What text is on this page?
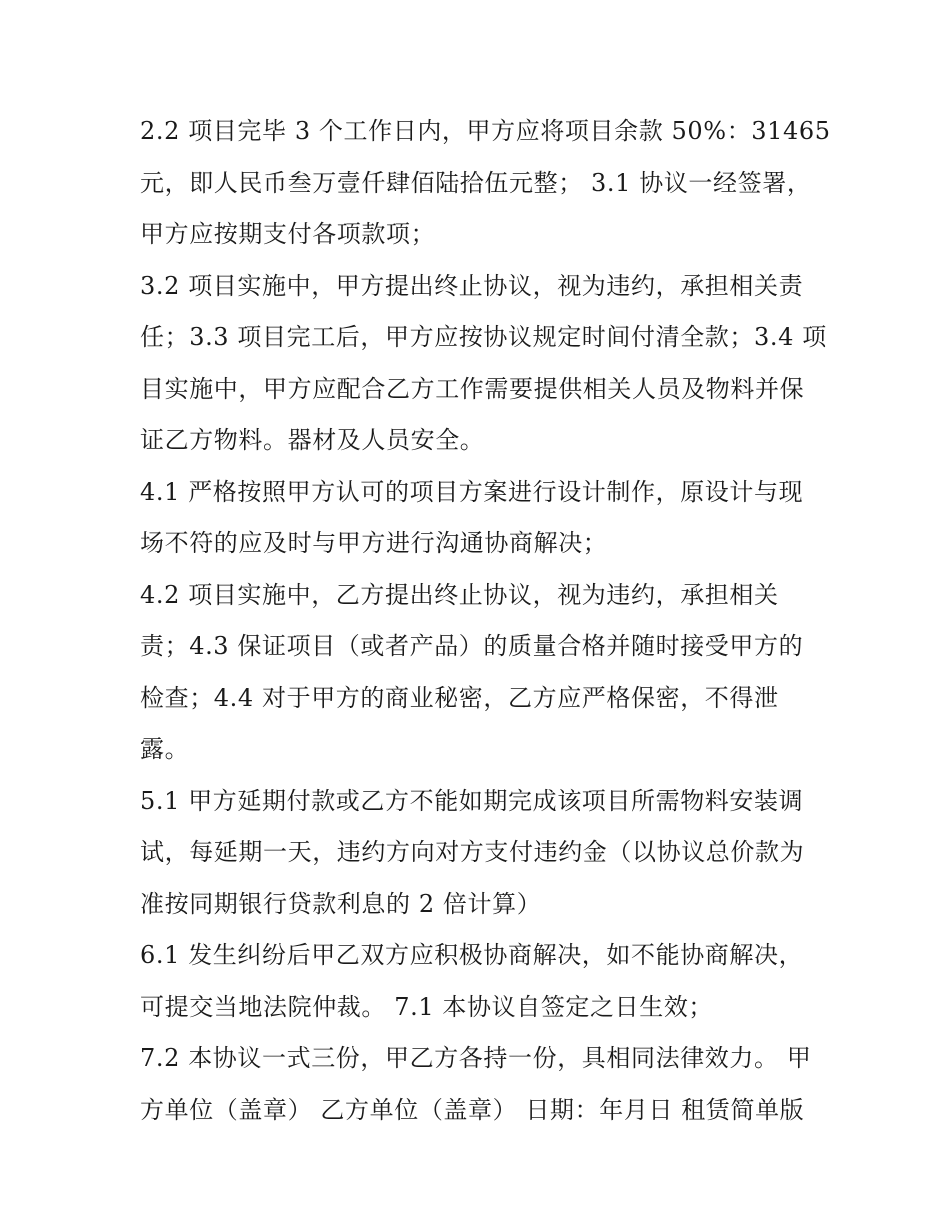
2.2 项目完毕 3 个工作日内，甲方应将项目余款 50%：31465
元，即人民币叁万壹仟肆佰陆拾伍元整； 3.1 协议一经签署，
甲方应按期支付各项款项；

3.2 项目实施中，甲方提出终止协议，视为违约，承担相关责
任；3.3 项目完工后，甲方应按协议规定时间付清全款；3.4 项
目实施中，甲方应配合乙方工作需要提供相关人员及物料并保
证乙方物料。器材及人员安全。

4.1 严格按照甲方认可的项目方案进行设计制作，原设计与现
场不符的应及时与甲方进行沟通协商解决；

4.2 项目实施中，乙方提出终止协议，视为违约，承担相关
责；4.3 保证项目（或者产品）的质量合格并随时接受甲方的
检查；4.4 对于甲方的商业秘密，乙方应严格保密，不得泄
露。

5.1 甲方延期付款或乙方不能如期完成该项目所需物料安装调
试，每延期一天，违约方向对方支付违约金（以协议总价款为
准按同期银行贷款利息的 2 倍计算）

6.1 发生纠纷后甲乙双方应积极协商解决，如不能协商解决，
可提交当地法院仲裁。 7.1 本协议自签定之日生效；

7.2 本协议一式三份，甲乙方各持一份，具相同法律效力。 甲
方单位（盖章） 乙方单位（盖章） 日期：年月日 租赁简单版
